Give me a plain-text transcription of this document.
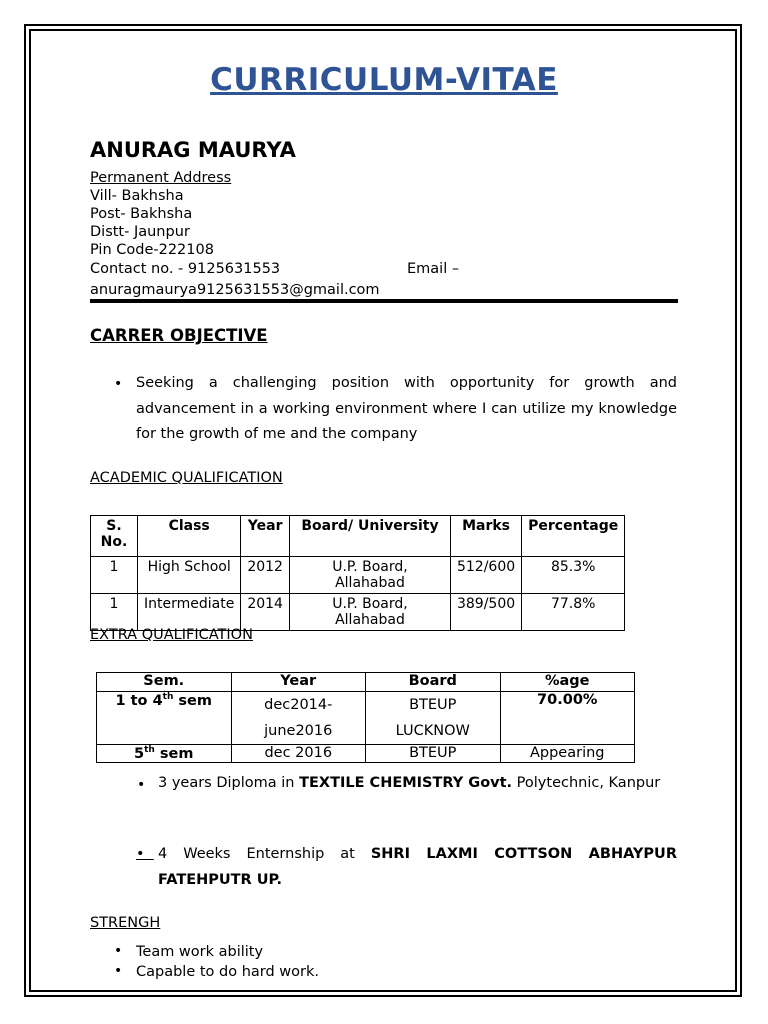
CURRICULUM-VITAE
ANURAG MAURYA
Permanent Address
Vill- Bakhsha
Post- Bakhsha
Distt- Jaunpur
Pin Code-222108
Contact no. - 9125631553	Email –
anuragmaurya9125631553@gmail.com
CARRER OBJECTIVE
• Seeking a challenging position with opportunity for growth and advancement in a working environment where I can utilize my knowledge for the growth of me and the company
ACADEMIC QUALIFICATION
S. No.	Class	Year	Board/ University	Marks	Percentage
1	High School	2012	U.P. Board, Allahabad	512/600	85.3%
1	Intermediate	2014	U.P. Board, Allahabad	389/500	77.8%
EXTRA QUALIFICATION
Sem.	Year	Board	%age
1 to 4th sem	dec2014- june2016	BTEUP LUCKNOW	70.00%
5th sem	dec 2016	BTEUP	Appearing
• 3 years Diploma in TEXTILE CHEMISTRY Govt. Polytechnic, Kanpur
• 4 Weeks Enternship at SHRI LAXMI COTTSON ABHAYPUR FATEHPUTR UP.
STRENGH
• Team work ability
• Capable to do hard work.
